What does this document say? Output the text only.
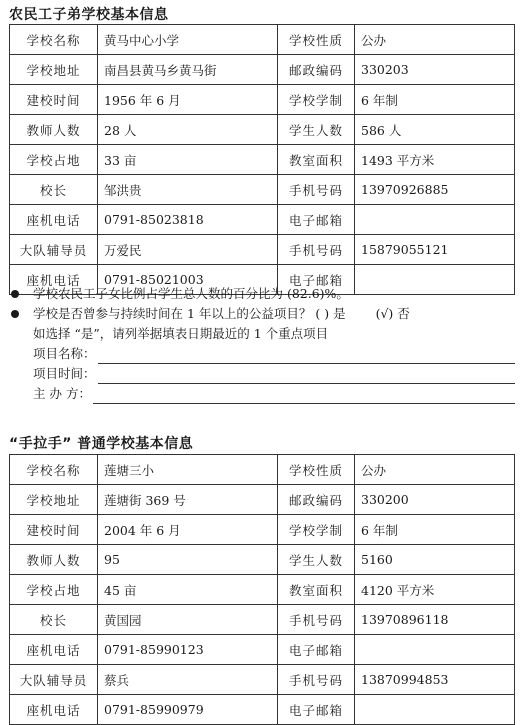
农民工子弟学校基本信息
学校名称	黄马中心小学	学校性质	公办
学校地址	南昌县黄马乡黄马街	邮政编码	330203
建校时间	1956 年 6 月	学校学制	6 年制
教师人数	28 人	学生人数	586 人
学校占地	33 亩	教室面积	1493 平方米
校长	邹洪贵	手机号码	13970926885
座机电话	0791-85023818	电子邮箱	
大队辅导员	万爱民	手机号码	15879055121
座机电话	0791-85021003	电子邮箱	
学校农民工子女比例占学生总人数的百分比为 (82.6)%。
学校是否曾参与持续时间在 1 年以上的公益项目？ ( ) 是 (√) 否
如选择 “是”，请列举据填表日期最近的 1 个重点项目
项目名称：
项目时间：
主 办 方：
“手拉手” 普通学校基本信息
学校名称	莲塘三小	学校性质	公办
学校地址	莲塘街 369 号	邮政编码	330200
建校时间	2004 年 6 月	学校学制	6 年制
教师人数	95	学生人数	5160
学校占地	45 亩	教室面积	4120 平方米
校长	黄国园	手机号码	13970896118
座机电话	0791-85990123	电子邮箱	
大队辅导员	蔡兵	手机号码	13870994853
座机电话	0791-85990979	电子邮箱	
